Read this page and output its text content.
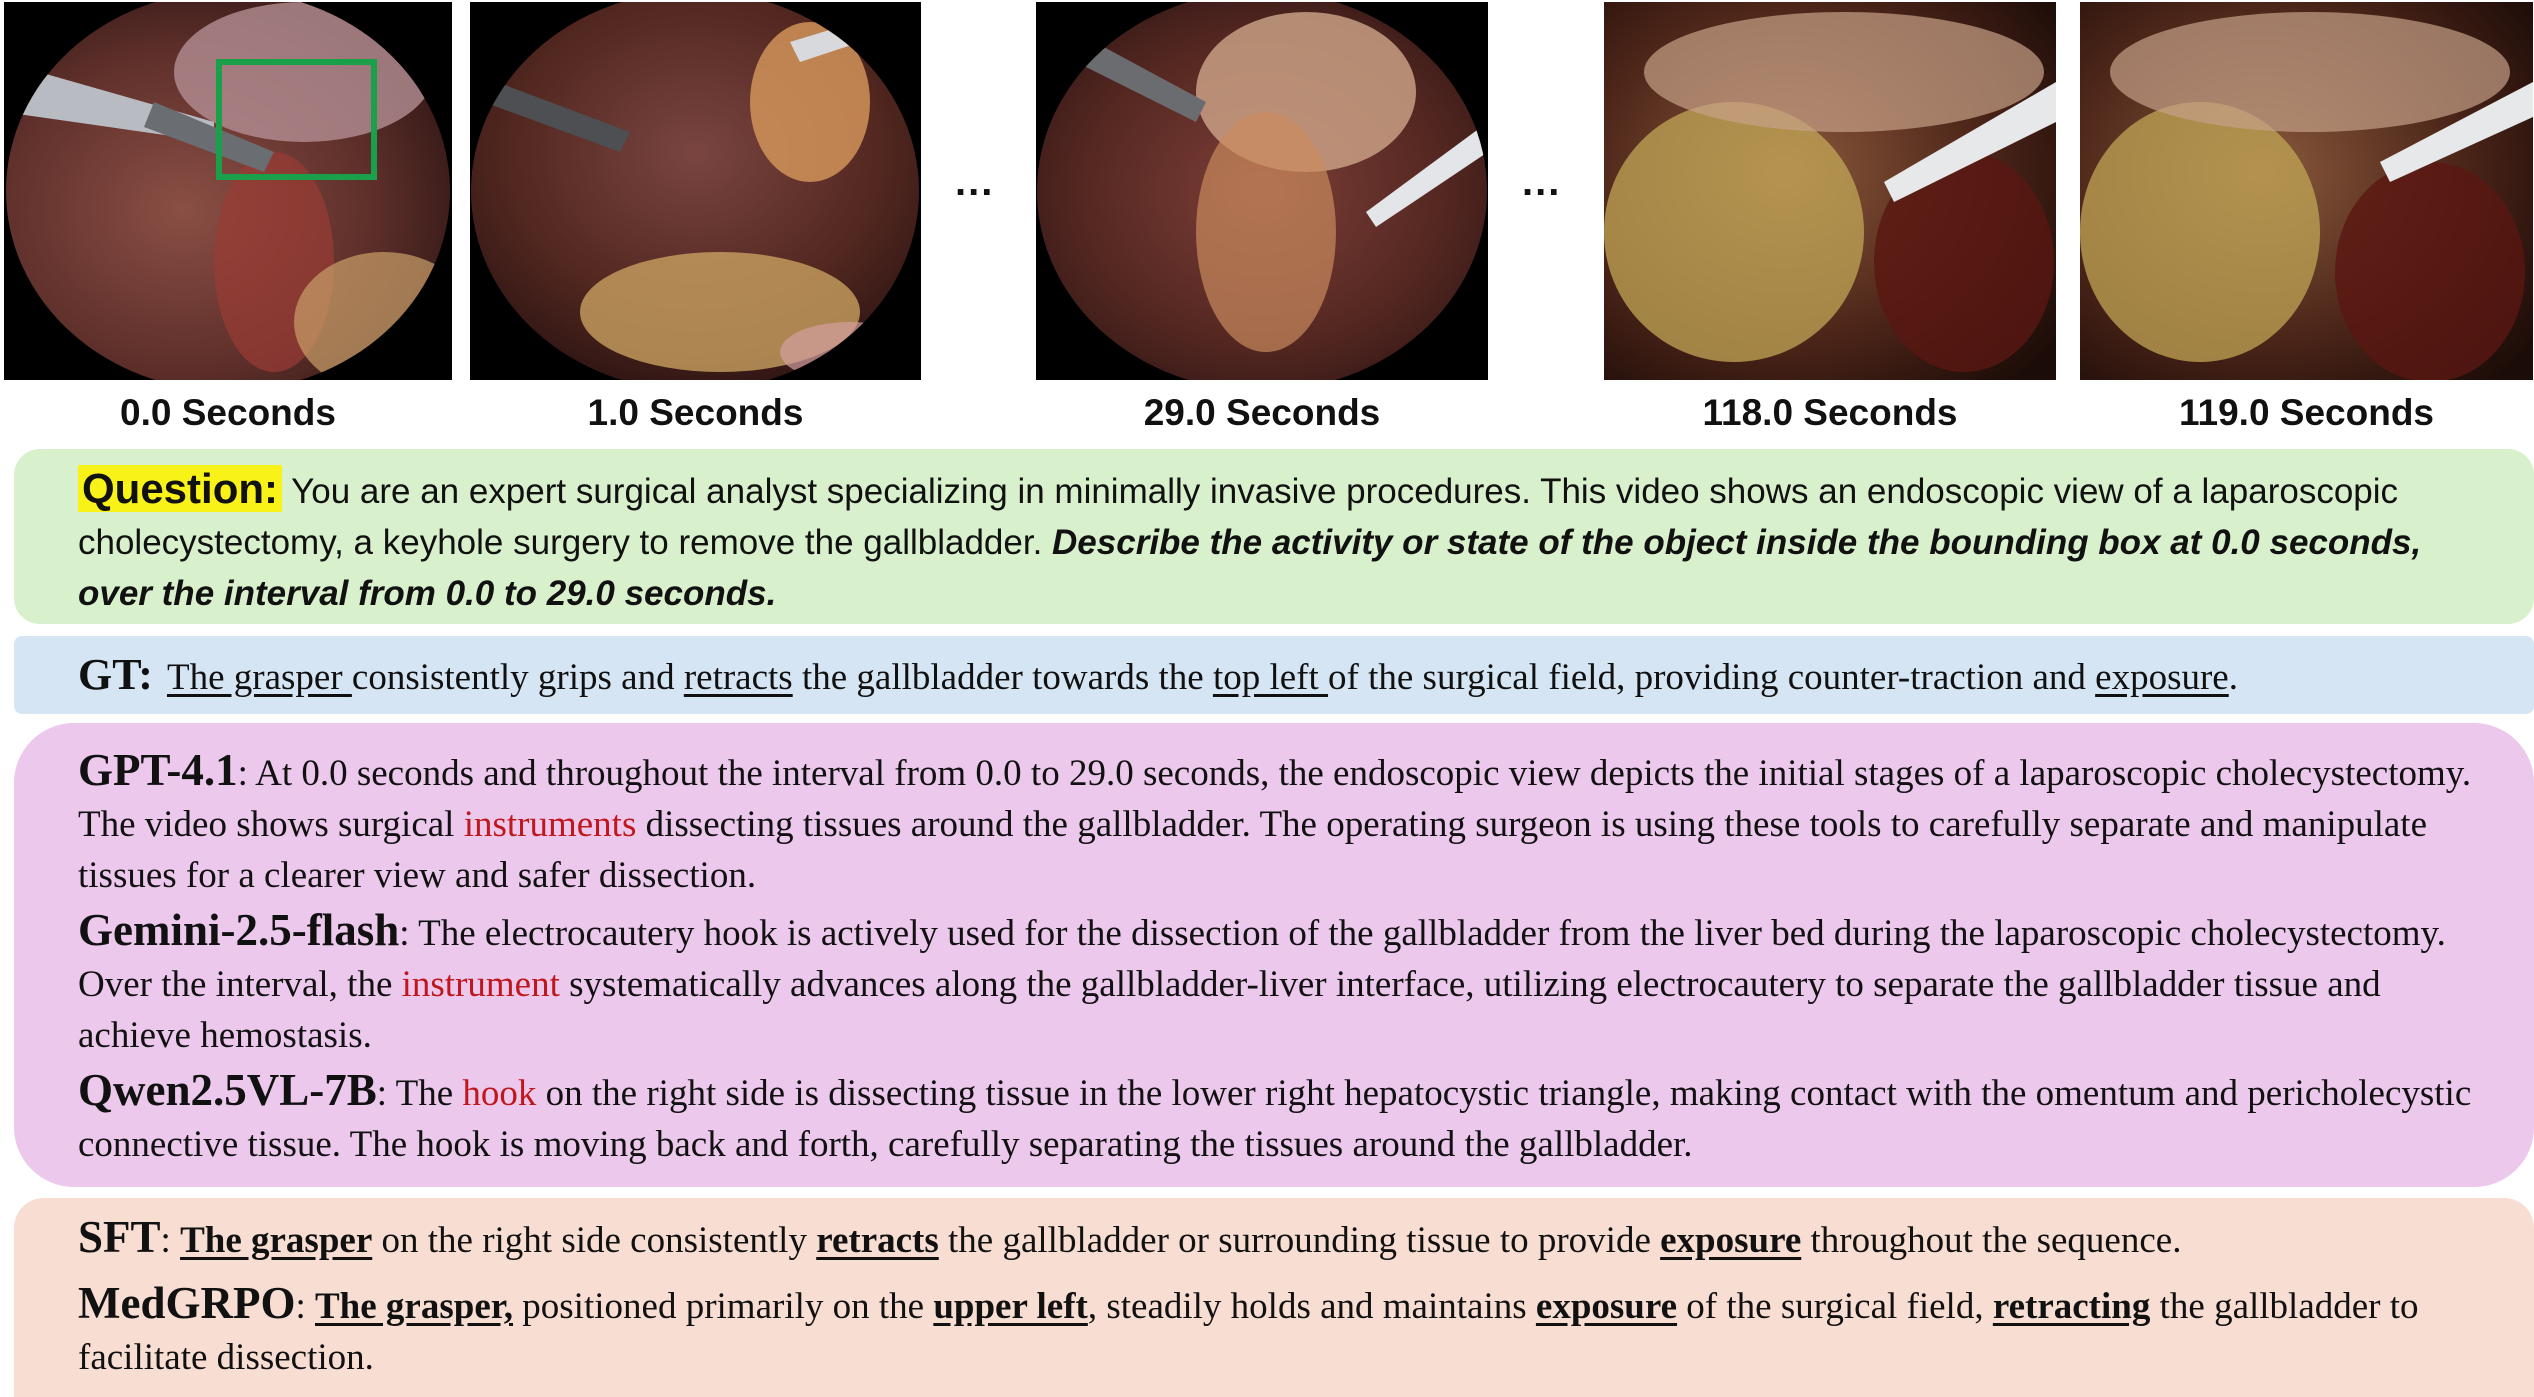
0.0 Seconds	1.0 Seconds
...
29.0 Seconds
...
118.0 Seconds	119.0 Seconds
Question: You are an expert surgical analyst specializing in minimally invasive procedures. This video shows an endoscopic view of a laparoscopic cholecystectomy, a keyhole surgery to remove the gallbladder. Describe the activity or state of the object inside the bounding box at 0.0 seconds, over the interval from 0.0 to 29.0 seconds.
GT: The grasper consistently grips and retracts the gallbladder towards the top left of the surgical field, providing counter-traction and exposure.
GPT-4.1: At 0.0 seconds and throughout the interval from 0.0 to 29.0 seconds, the endoscopic view depicts the initial stages of a laparoscopic cholecystectomy. The video shows surgical instruments dissecting tissues around the gallbladder. The operating surgeon is using these tools to carefully separate and manipulate tissues for a clearer view and safer dissection.
Gemini-2.5-flash: The electrocautery hook is actively used for the dissection of the gallbladder from the liver bed during the laparoscopic cholecystectomy. Over the interval, the instrument systematically advances along the gallbladder-liver interface, utilizing electrocautery to separate the gallbladder tissue and achieve hemostasis.
Qwen2.5VL-7B: The hook on the right side is dissecting tissue in the lower right hepatocystic triangle, making contact with the omentum and pericholecystic connective tissue. The hook is moving back and forth, carefully separating the tissues around the gallbladder.
SFT: The grasper on the right side consistently retracts the gallbladder or surrounding tissue to provide exposure throughout the sequence.
MedGRPO: The grasper, positioned primarily on the upper left, steadily holds and maintains exposure of the surgical field, retracting the gallbladder to facilitate dissection.
